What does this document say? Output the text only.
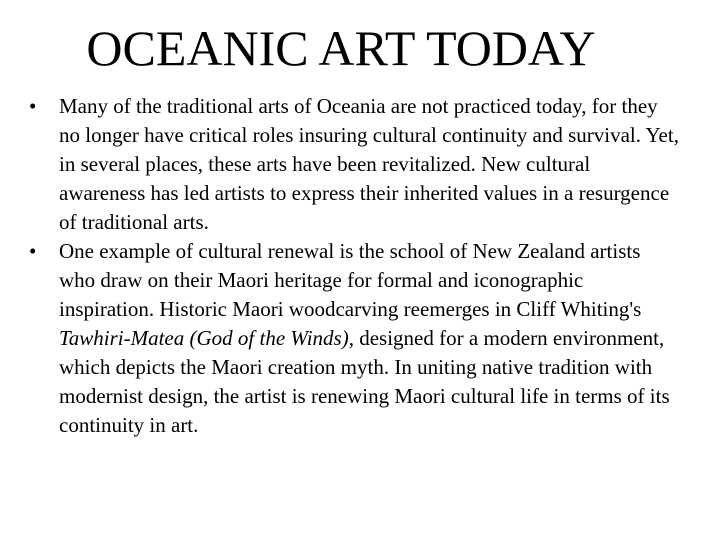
OCEANIC ART TODAY
•	Many of the traditional arts of Oceania are not practiced today, for they no longer have critical roles insuring cultural continuity and survival. Yet, in several places, these arts have been revitalized. New cultural awareness has led artists to express their inherited values in a resurgence of traditional arts.
•	One example of cultural renewal is the school of New Zealand artists who draw on their Maori heritage for formal and iconographic inspiration. Historic Maori woodcarving reemerges in Cliff Whiting's Tawhiri-Matea (God of the Winds), designed for a modern environment, which depicts the Maori creation myth. In uniting native tradition with modernist design, the artist is renewing Maori cultural life in terms of its continuity in art.
